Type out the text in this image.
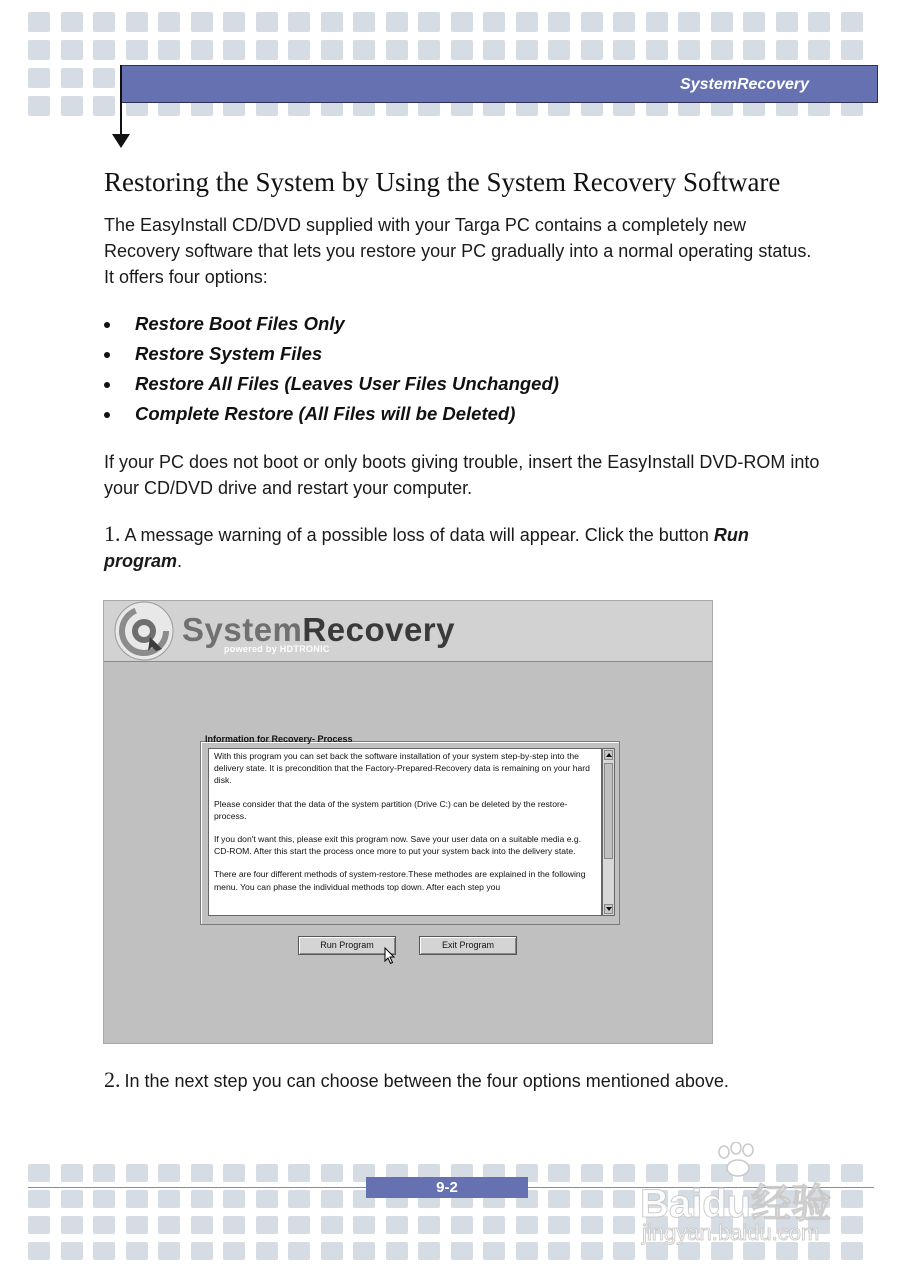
SystemRecovery
Restoring the System by Using the System Recovery Software
The EasyInstall CD/DVD supplied with your Targa PC contains a completely new Recovery software that lets you restore your PC gradually into a normal operating status. It offers four options:
Restore Boot Files Only
Restore System Files
Restore All Files (Leaves User Files Unchanged)
Complete Restore (All Files will be Deleted)
If your PC does not boot or only boots giving trouble, insert the EasyInstall DVD-ROM into your CD/DVD drive and restart your computer.
1. A message warning of a possible loss of data will appear. Click the button Run program.
SystemRecovery
powered by HDTRONIC
Information for Recovery- Process

With this program you can set back the software installation of your system step-by-step into the delivery state. It is precondition that the Factory-Prepared-Recovery data is remaining on your hard disk.

Please consider that the data of the system partition (Drive C:) can be deleted by the restore-process.

If you don't want this, please exit this program now. Save your user data on a suitable media e.g. CD-ROM. After this start the process once more to put your system back into the delivery state.

There are four different methods of system-restore.These methodes are explained in the following menu. You can phase the individual methods top down. After each step you

Run Program	Exit Program
2. In the next step you can choose between the four options mentioned above.
9-2	Baidu经验
jingyan.baidu.com
